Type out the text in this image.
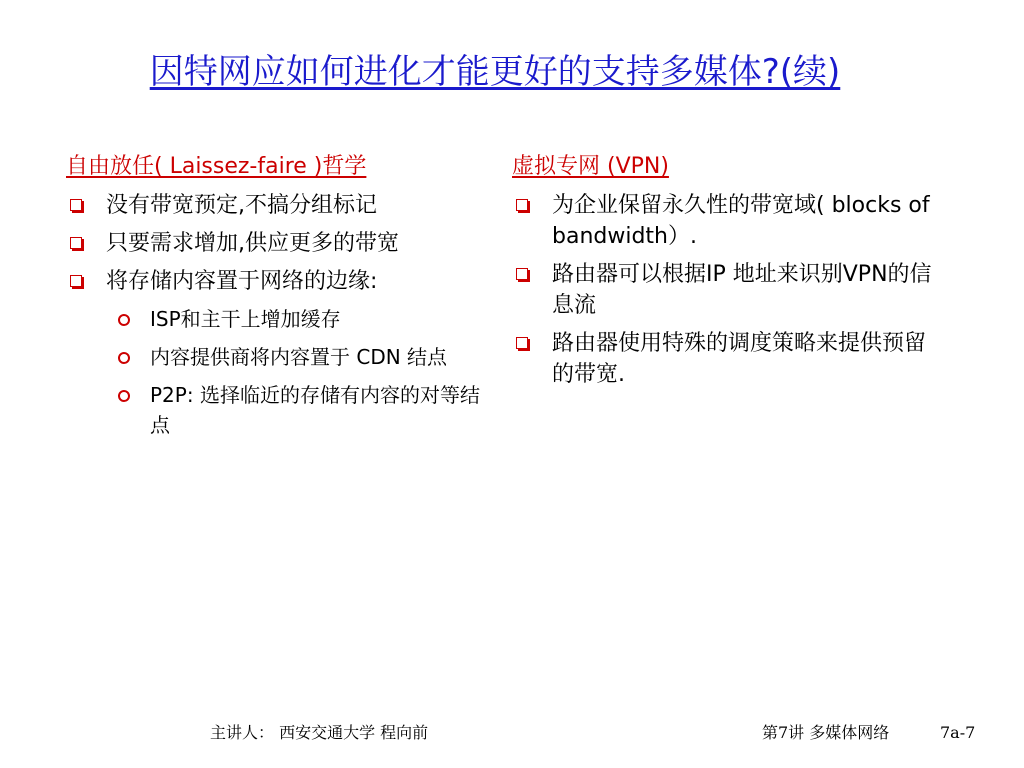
因特网应如何进化才能更好的支持多媒体?(续)
自由放任( Laissez-faire )哲学
没有带宽预定,不搞分组标记
只要需求增加,供应更多的带宽
将存储内容置于网络的边缘:
ISP和主干上增加缓存
内容提供商将内容置于 CDN 结点
P2P: 选择临近的存储有内容的对等结点
虚拟专网 (VPN)
为企业保留永久性的带宽域( blocks of bandwidth）.
路由器可以根据IP 地址来识别VPN的信息流
路由器使用特殊的调度策略来提供预留的带宽.
主讲人： 西安交通大学 程向前	第7讲 多媒体网络	7a-7
